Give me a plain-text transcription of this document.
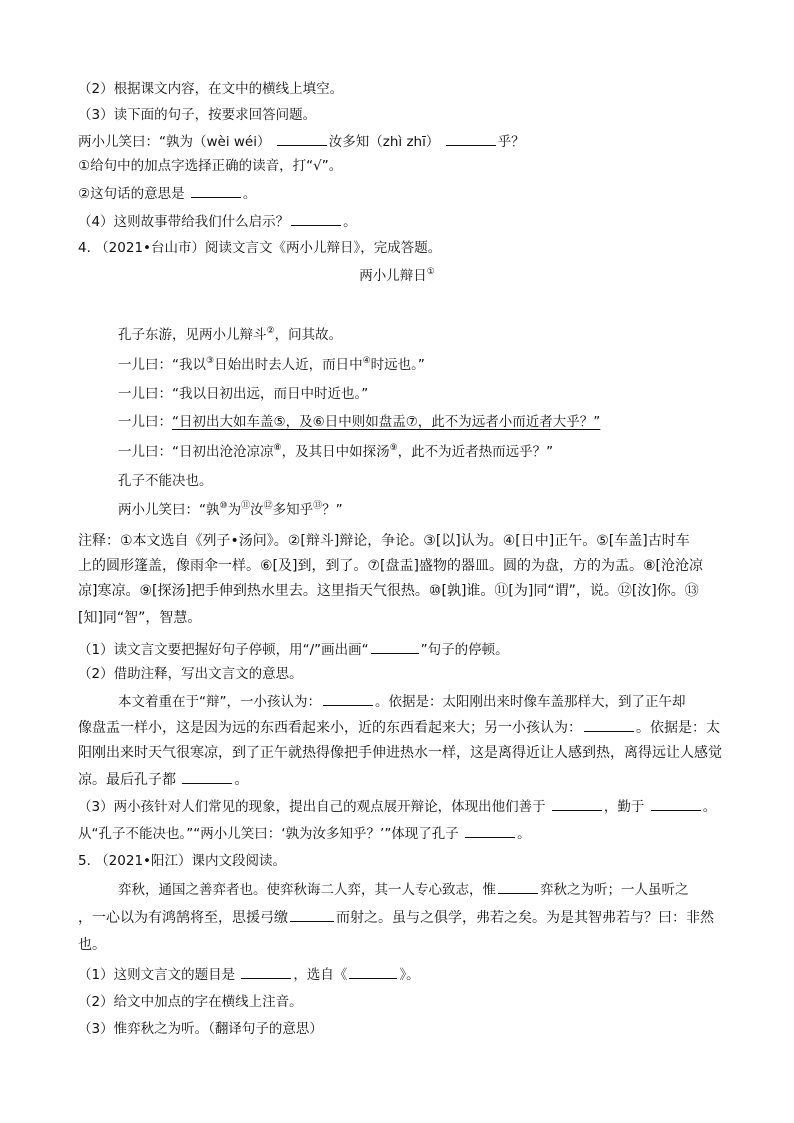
（2）根据课文内容，在文中的横线上填空。
（3）读下面的句子，按要求回答问题。
两小儿笑曰：“孰为（wèi wéi）	汝多知（zhì zhī）	乎？
①给句中的加点字选择正确的读音，打“√”。
②这句话的意思是	。
（4）这则故事带给我们什么启示？	。
4. （2021•台山市）阅读文言文《两小儿辩日》，完成答题。
两小儿辩日①
孔子东游，见两小儿辩斗②，问其故。
一儿曰：“我以③日始出时去人近，而日中④时远也。”
一儿曰：“我以日初出远，而日中时近也。”
一儿曰：“日初出大如车盖⑤，及⑥日中则如盘盂⑦，此不为远者小而近者大乎？”
一儿曰：“日初出沧沧凉凉⑧，及其日中如探汤⑨，此不为近者热而远乎？”
孔子不能决也。
两小儿笑曰：“孰⑩为⑪汝⑫多知乎⑬？”
注释：①本文选自《列子•汤问》。②[辩斗]辩论，争论。③[以]认为。④[日中]正午。⑤[车盖]古时车
上的圆形篷盖，像雨伞一样。⑥[及]到，到了。⑦[盘盂]盛物的器皿。圆的为盘，方的为盂。⑧[沧沧凉
凉]寒凉。⑨[探汤]把手伸到热水里去。这里指天气很热。⑩[孰]谁。⑪[为]同“谓”，说。⑫[汝]你。⑬
[知]同“智”，智慧。
（1）读文言文要把握好句子停顿，用“/”画出画“	”句子的停顿。
（2）借助注释，写出文言文的意思。
本文着重在于“辩”，一小孩认为：	。依据是：太阳刚出来时像车盖那样大，到了正午却
像盘盂一样小，这是因为远的东西看起来小，近的东西看起来大；另一小孩认为：	。依据是：太
阳刚出来时天气很寒凉，到了正午就热得像把手伸进热水一样，这是离得近让人感到热，离得远让人感觉
凉。最后孔子都	。
（3）两小孩针对人们常见的现象，提出自己的观点展开辩论，体现出他们善于	，勤于	。
从“孔子不能决也。”“两小儿笑曰：‘孰为汝多知乎？’”体现了孔子	。
5. （2021•阳江）课内文段阅读。
弈秋，通国之善弈者也。使弈秋诲二人弈，其一人专心致志，惟	弈秋之为听；一人虽听之
，一心以为有鸿鹄将至，思援弓缴	而射之。虽与之俱学，弗若之矣。为是其智弗若与？曰：非然
也。
（1）这则文言文的题目是	，选自《	》。
（2）给文中加点的字在横线上注音。
（3）惟弈秋之为听。（翻译句子的意思）
